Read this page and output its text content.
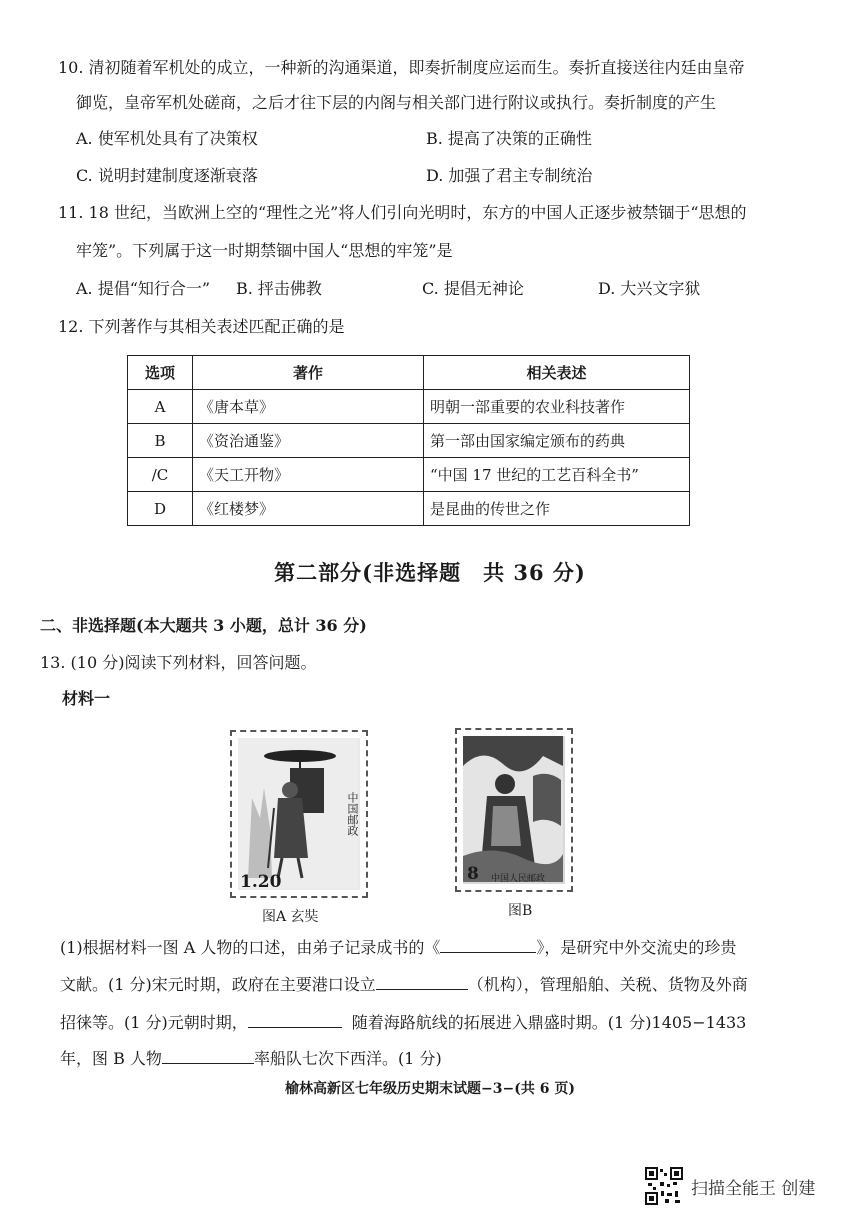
10. 清初随着军机处的成立，一种新的沟通渠道，即奏折制度应运而生。奏折直接送往内廷由皇帝
御览，皇帝军机处磋商，之后才往下层的内阁与相关部门进行附议或执行。奏折制度的产生
A. 使军机处具有了决策权	B. 提高了决策的正确性
C. 说明封建制度逐渐衰落	D. 加强了君主专制统治
11. 18 世纪，当欧洲上空的“理性之光”将人们引向光明时，东方的中国人正逐步被禁锢于“思想的
牢笼”。下列属于这一时期禁锢中国人“思想的牢笼”是
A. 提倡“知行合一” B. 抨击佛教	C. 提倡无神论	D. 大兴文字狱
12. 下列著作与其相关表述匹配正确的是
选项	著作	相关表述
A	《唐本草》	明朝一部重要的农业科技著作
B	《资治通鉴》	第一部由国家编定颁布的药典
/C	《天工开物》	“中国 17 世纪的工艺百科全书”
D	《红楼梦》	是昆曲的传世之作
第二部分(非选择题　共 36 分)
二、非选择题(本大题共 3 小题，总计 36 分)
13. (10 分)阅读下列材料，回答问题。
材料一
1.20
中国邮政
图A 玄奘
8 中国人民邮政
图B
(1)根据材料一图 A 人物的口述，由弟子记录成书的《	》，是研究中外交流史的珍贵
文献。(1 分)宋元时期，政府在主要港口设立	（机构），管理船舶、关税、货物及外商
招徕等。(1 分)元朝时期，	随着海路航线的拓展进入鼎盛时期。(1 分)1405−1433
年，图 B 人物	率船队七次下西洋。(1 分)
榆林高新区七年级历史期末试题−3−(共 6 页)
扫描全能王 创建
